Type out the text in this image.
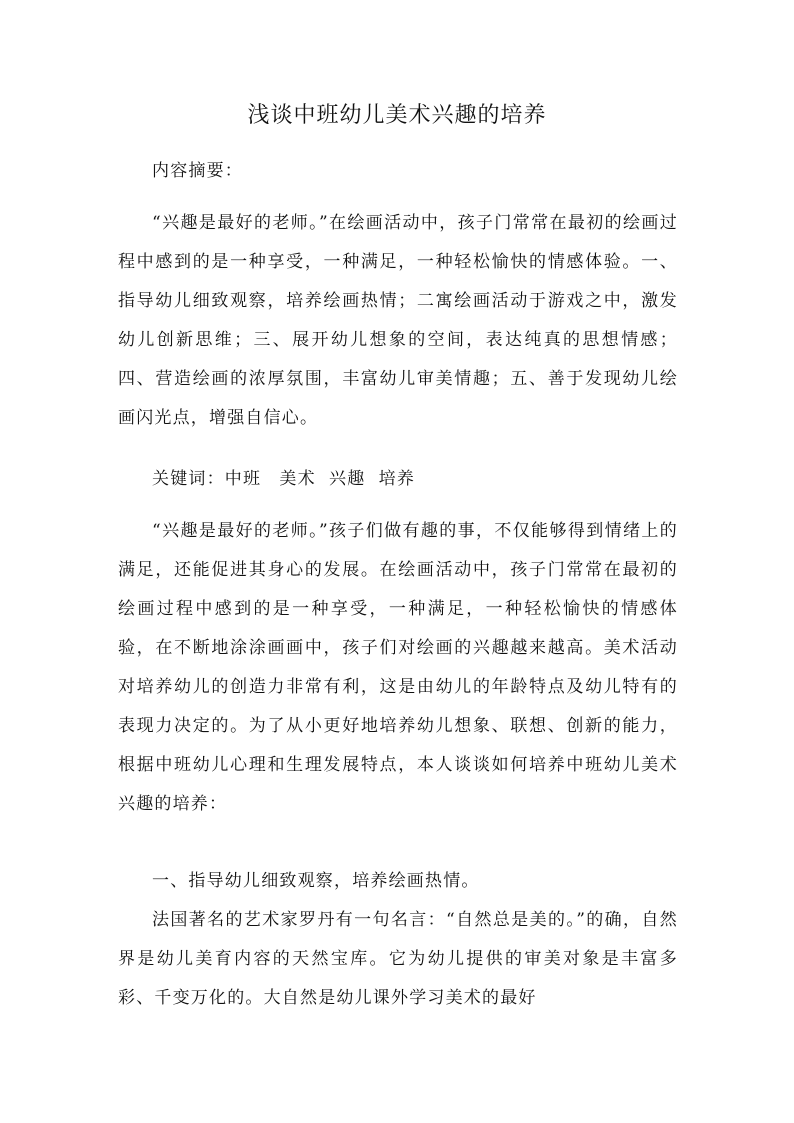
浅谈中班幼儿美术兴趣的培养

内容摘要：

“兴趣是最好的老师。”在绘画活动中，孩子门常常在最初的绘画过程中感到的是一种享受，一种满足，一种轻松愉快的情感体验。一、指导幼儿细致观察，培养绘画热情；二寓绘画活动于游戏之中，激发幼儿创新思维；三、展开幼儿想象的空间，表达纯真的思想情感；四、营造绘画的浓厚氛围，丰富幼儿审美情趣；五、善于发现幼儿绘画闪光点，增强自信心。

关键词：中班　美术  兴趣  培养

“兴趣是最好的老师。”孩子们做有趣的事，不仅能够得到情绪上的满足，还能促进其身心的发展。在绘画活动中，孩子门常常在最初的绘画过程中感到的是一种享受，一种满足，一种轻松愉快的情感体验，在不断地涂涂画画中，孩子们对绘画的兴趣越来越高。美术活动对培养幼儿的创造力非常有利，这是由幼儿的年龄特点及幼儿特有的表现力决定的。为了从小更好地培养幼儿想象、联想、创新的能力，根据中班幼儿心理和生理发展特点，本人谈谈如何培养中班幼儿美术兴趣的培养：

一、指导幼儿细致观察，培养绘画热情。

法国著名的艺术家罗丹有一句名言：“自然总是美的。”的确，自然界是幼儿美育内容的天然宝库。它为幼儿提供的审美对象是丰富多彩、千变万化的。大自然是幼儿课外学习美术的最好
